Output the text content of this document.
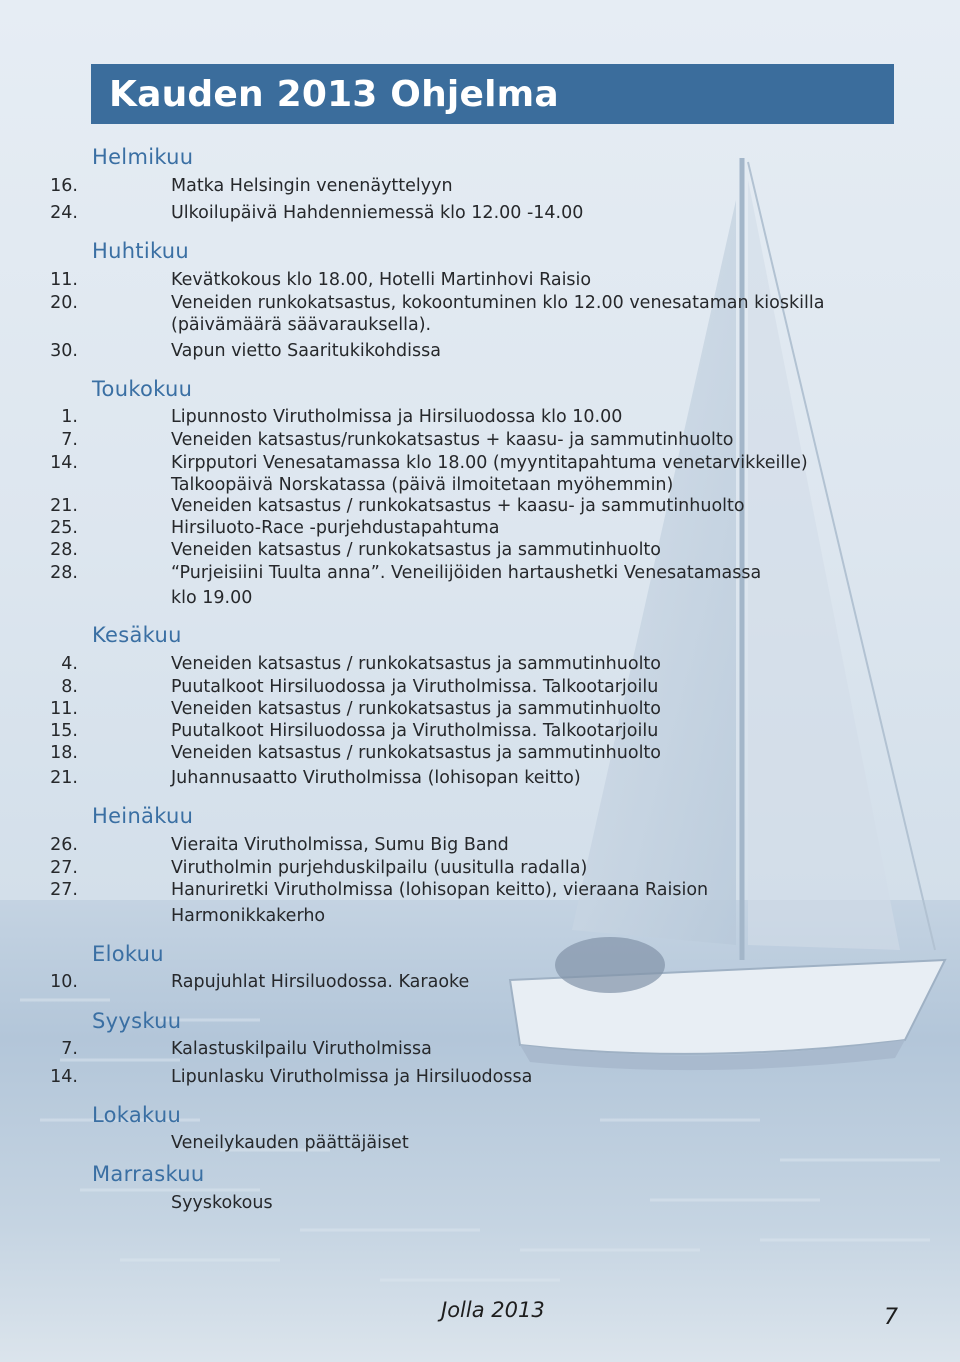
Kauden 2013 Ohjelma
Helmikuu
16.	Matka Helsingin venenäyttelyyn
24.	Ulkoilupäivä Hahdenniemessä klo 12.00 -14.00
Huhtikuu
11.	Kevätkokous klo 18.00, Hotelli Martinhovi Raisio
20.	Veneiden runkokatsastus, kokoontuminen klo 12.00 venesataman kioskilla
(päivämäärä säävarauksella).
30.	Vapun vietto Saaritukikohdissa
Toukokuu
1.	Lipunnosto Virutholmissa ja Hirsiluodossa klo 10.00
7.	Veneiden katsastus/runkokatsastus + kaasu- ja sammutinhuolto
14.	Kirpputori Venesatamassa klo 18.00 (myyntitapahtuma venetarvikkeille)
Talkoopäivä Norskatassa (päivä ilmoitetaan myöhemmin)
21.	Veneiden katsastus / runkokatsastus + kaasu- ja sammutinhuolto
25.	Hirsiluoto-Race -purjehdustapahtuma
28.	Veneiden katsastus / runkokatsastus ja sammutinhuolto
28.	“Purjeisiini Tuulta anna”. Veneilijöiden hartaushetki Venesatamassa
klo 19.00
Kesäkuu
4.	Veneiden katsastus / runkokatsastus ja sammutinhuolto
8.	Puutalkoot Hirsiluodossa ja Virutholmissa. Talkootarjoilu
11.	Veneiden katsastus / runkokatsastus ja sammutinhuolto
15.	Puutalkoot Hirsiluodossa ja Virutholmissa. Talkootarjoilu
18.	Veneiden katsastus / runkokatsastus ja sammutinhuolto
21.	Juhannusaatto Virutholmissa (lohisopan keitto)
Heinäkuu
26.	Vieraita Virutholmissa, Sumu Big Band
27.	Virutholmin purjehduskilpailu (uusitulla radalla)
27.	Hanuriretki Virutholmissa (lohisopan keitto), vieraana Raision
Harmonikkakerho
Elokuu
10.	Rapujuhlat Hirsiluodossa. Karaoke
Syyskuu
7.	Kalastuskilpailu Virutholmissa
14.	Lipunlasku Virutholmissa ja Hirsiluodossa
Lokakuu
Veneilykauden päättäjäiset
Marraskuu
Syyskokous
Jolla 2013	7
